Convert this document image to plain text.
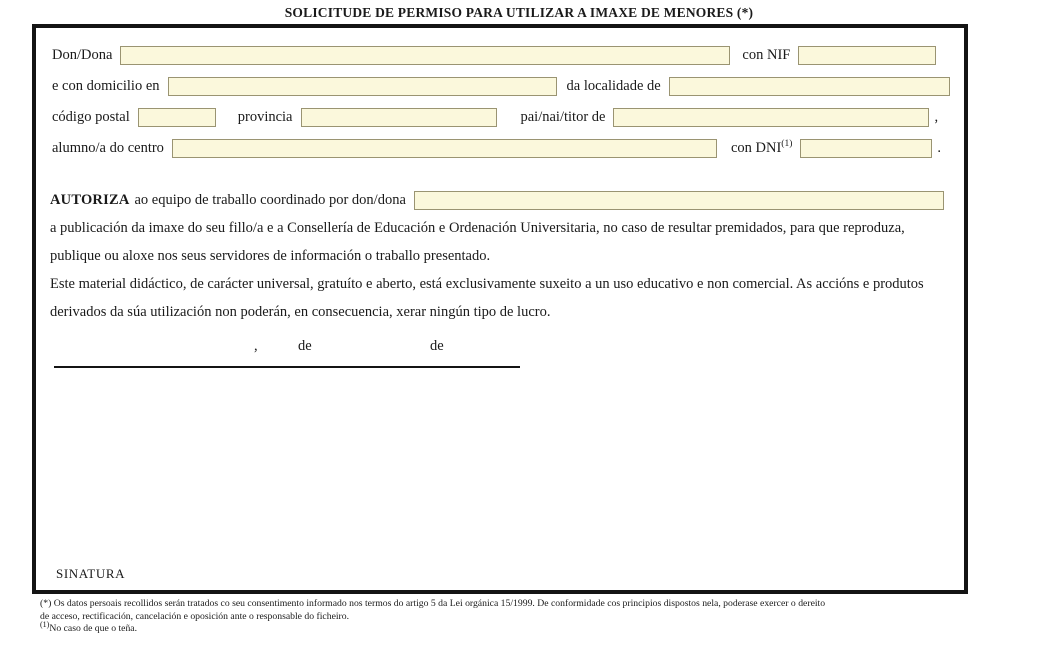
SOLICITUDE DE PERMISO PARA UTILIZAR A IMAXE DE MENORES (*)
Don/Dona	con NIF
e con domicilio en	da localidade de
código postal	provincia	pai/nai/titor de	,
alumno/a do centro	con DNI$^{(1)}$	.
AUTORIZA ao equipo de traballo coordinado por don/dona
a publicación da imaxe do seu fillo/a e a Consellería de Educación e Ordenación Universitaria, no caso de resultar premidados, para que reproduza,
publique ou aloxe nos seus servidores de información o traballo presentado.
Este material didáctico, de carácter universal, gratuíto e aberto, está exclusivamente suxeito a un uso educativo e non comercial. As accións e produtos
derivados da súa utilización non poderán, en consecuencia, xerar ningún tipo de lucro.
,	de	de
SINATURA

(*) Os datos persoais recollidos serán tratados co seu consentimento informado nos termos do artigo 5 da Lei orgánica 15/1999. De conformidade cos principios dispostos nela, poderase exercer o dereito

de acceso, rectificación, cancelación e oposición ante o responsable do ficheiro.

$^{(1)}$No caso de que o teña.
